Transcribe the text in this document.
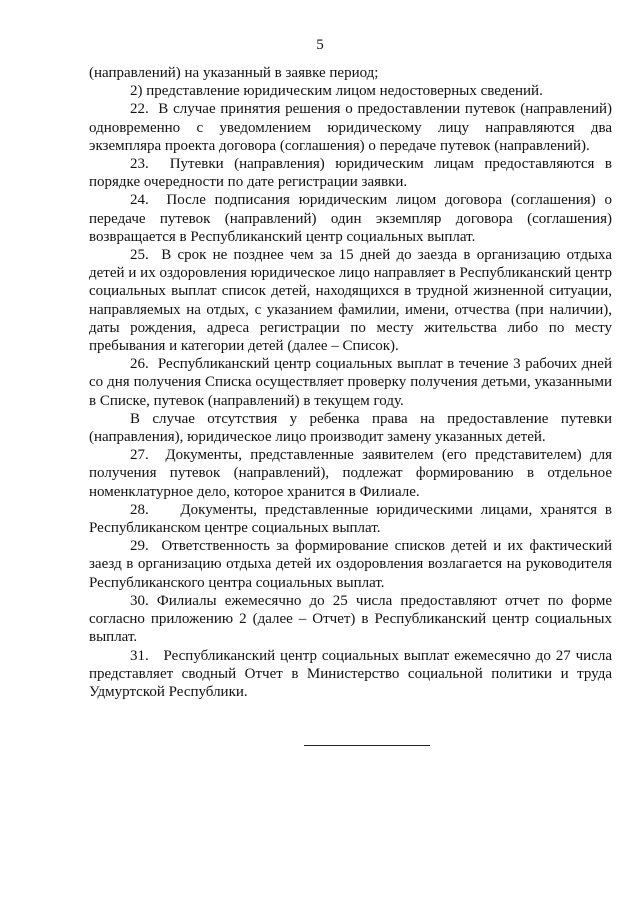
5

(направлений) на указанный в заявке период;

2) представление юридическим лицом недостоверных сведений.

22.  В случае принятия решения о предоставлении путевок (направлений) одновременно с уведомлением юридическому лицу направляются два экземпляра проекта договора (соглашения) о передаче путевок (направлений).

23.  Путевки (направления) юридическим лицам предоставляются в порядке очередности по дате регистрации заявки.

24.  После подписания юридическим лицом договора (соглашения) о передаче путевок (направлений) один экземпляр договора (соглашения) возвращается в Республиканский центр социальных выплат.

25.  В срок не позднее чем за 15 дней до заезда в организацию отдыха детей и их оздоровления юридическое лицо направляет в Республиканский центр социальных выплат список детей, находящихся в трудной жизненной ситуации, направляемых на отдых, с указанием фамилии, имени, отчества (при наличии), даты рождения, адреса регистрации по месту жительства либо по месту пребывания и категории детей (далее – Список).

26.  Республиканский центр социальных выплат в течение 3 рабочих дней со дня получения Списка осуществляет проверку получения детьми, указанными в Списке, путевок (направлений) в текущем году.

В случае отсутствия у ребенка права на предоставление путевки (направления), юридическое лицо производит замену указанных детей.

27.  Документы, представленные заявителем (его представителем) для получения путевок (направлений), подлежат формированию в отдельное номенклатурное дело, которое хранится в Филиале.

28.    Документы, представленные юридическими лицами, хранятся в Республиканском центре социальных выплат.

29.  Ответственность за формирование списков детей и их фактический заезд в организацию отдыха детей их оздоровления возлагается на руководителя Республиканского центра социальных выплат.

30. Филиалы ежемесячно до 25 числа предоставляют отчет по форме согласно приложению 2 (далее – Отчет) в Республиканский центр социальных выплат.

31.   Республиканский центр социальных выплат ежемесячно до 27 числа представляет сводный Отчет в Министерство социальной политики и труда Удмуртской Республики.
